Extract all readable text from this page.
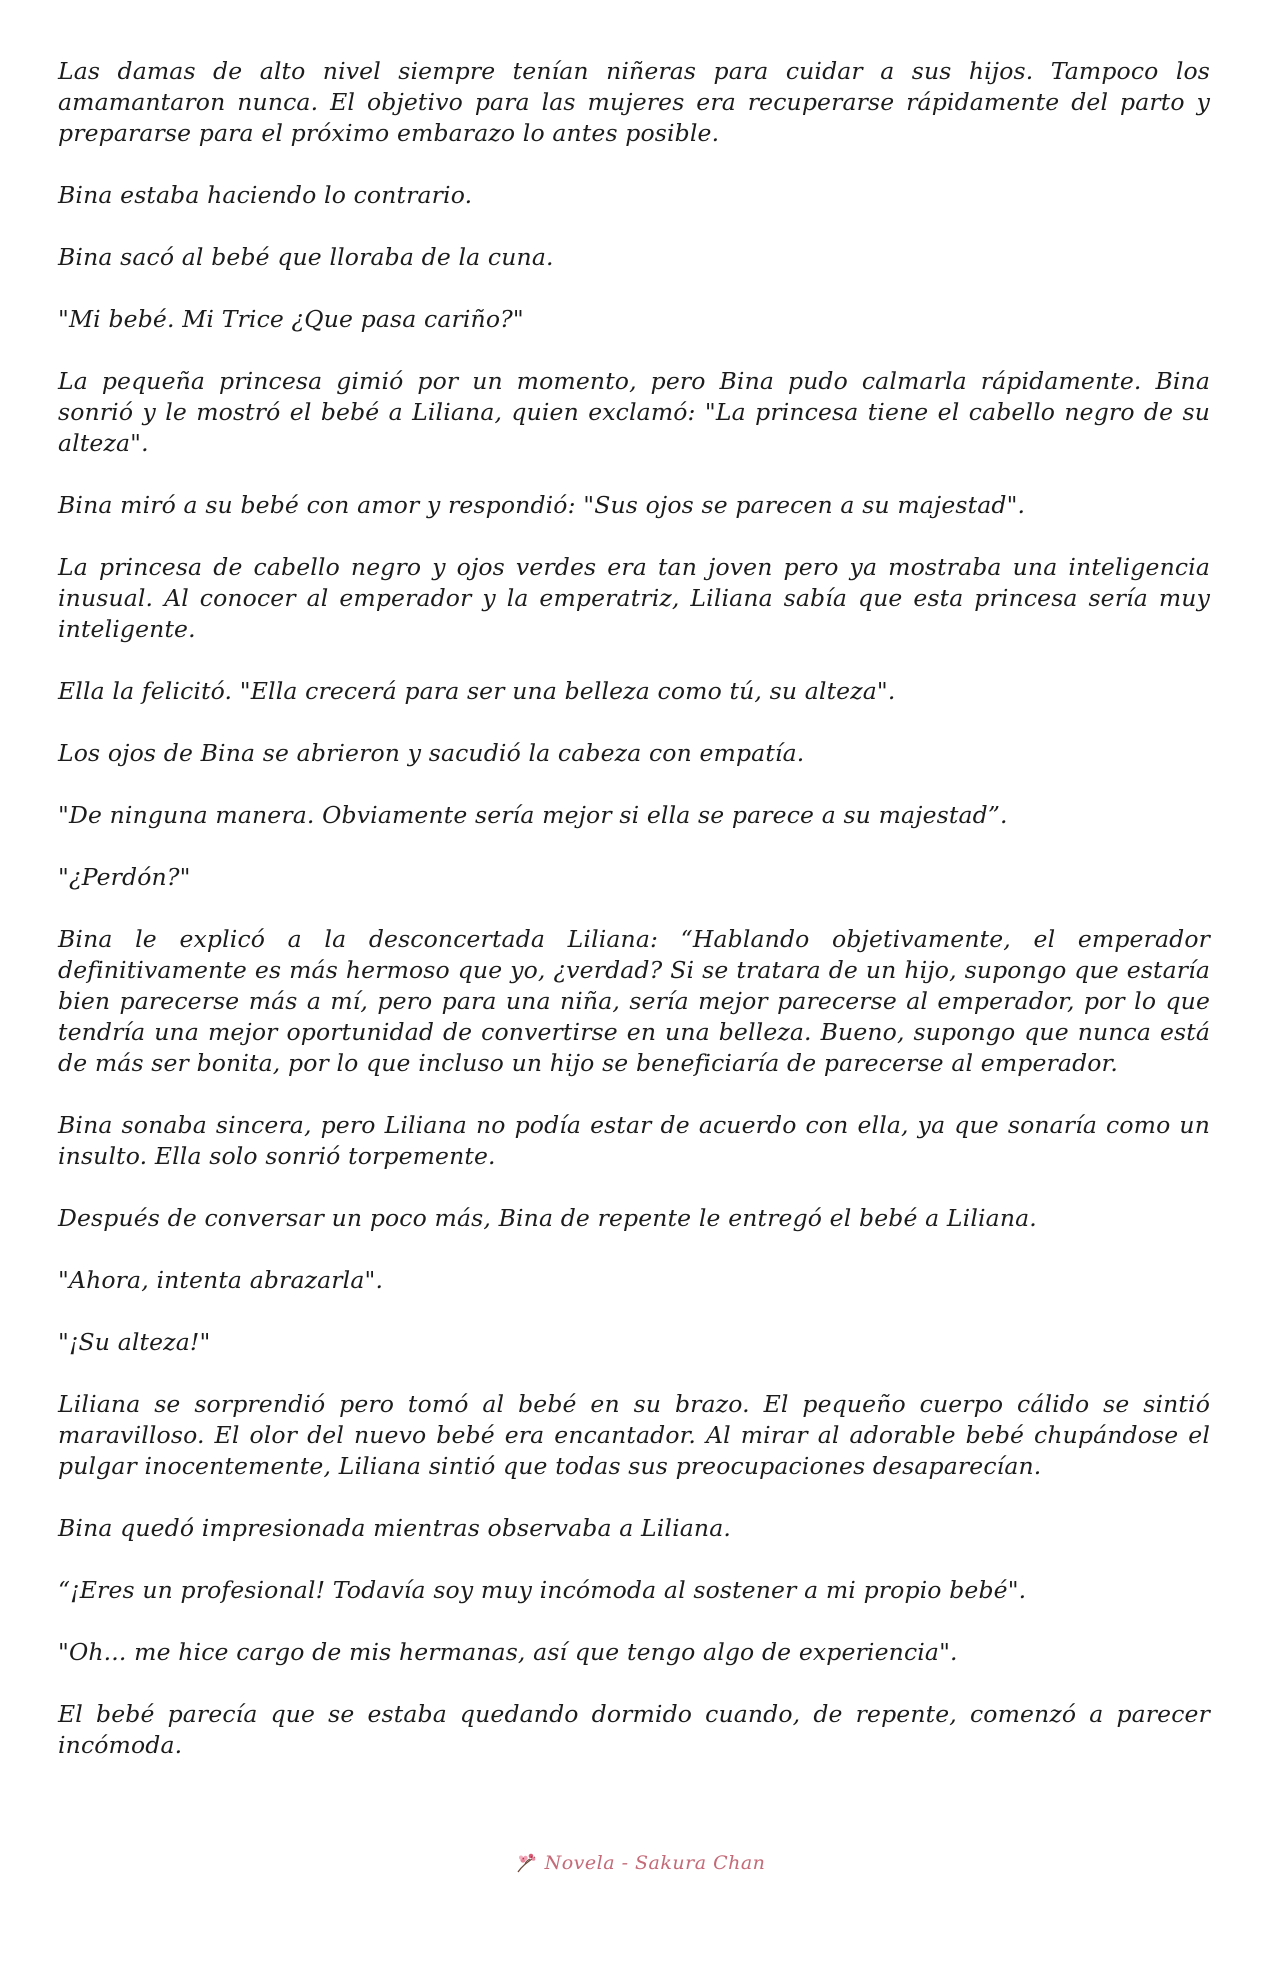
Las damas de alto nivel siempre tenían niñeras para cuidar a sus hijos. Tampoco los amamantaron nunca. El objetivo para las mujeres era recuperarse rápidamente del parto y prepararse para el próximo embarazo lo antes posible.

Bina estaba haciendo lo contrario.

Bina sacó al bebé que lloraba de la cuna.

"Mi bebé. Mi Trice ¿Que pasa cariño?"

La pequeña princesa gimió por un momento, pero Bina pudo calmarla rápidamente. Bina sonrió y le mostró el bebé a Liliana, quien exclamó: "La princesa tiene el cabello negro de su alteza".

Bina miró a su bebé con amor y respondió: "Sus ojos se parecen a su majestad".

La princesa de cabello negro y ojos verdes era tan joven pero ya mostraba una inteligencia inusual. Al conocer al emperador y la emperatriz, Liliana sabía que esta princesa sería muy inteligente.

Ella la felicitó. "Ella crecerá para ser una belleza como tú, su alteza".

Los ojos de Bina se abrieron y sacudió la cabeza con empatía.

"De ninguna manera. Obviamente sería mejor si ella se parece a su majestad”.

"¿Perdón?"

Bina le explicó a la desconcertada Liliana: “Hablando objetivamente, el emperador definitivamente es más hermoso que yo, ¿verdad? Si se tratara de un hijo, supongo que estaría bien parecerse más a mí, pero para una niña, sería mejor parecerse al emperador, por lo que tendría una mejor oportunidad de convertirse en una belleza. Bueno, supongo que nunca está de más ser bonita, por lo que incluso un hijo se beneficiaría de parecerse al emperador.

Bina sonaba sincera, pero Liliana no podía estar de acuerdo con ella, ya que sonaría como un insulto. Ella solo sonrió torpemente.

Después de conversar un poco más, Bina de repente le entregó el bebé a Liliana.

"Ahora, intenta abrazarla".

"¡Su alteza!"

Liliana se sorprendió pero tomó al bebé en su brazo. El pequeño cuerpo cálido se sintió maravilloso. El olor del nuevo bebé era encantador. Al mirar al adorable bebé chupándose el pulgar inocentemente, Liliana sintió que todas sus preocupaciones desaparecían.

Bina quedó impresionada mientras observaba a Liliana.

“¡Eres un profesional! Todavía soy muy incómoda al sostener a mi propio bebé".

"Oh... me hice cargo de mis hermanas, así que tengo algo de experiencia".

El bebé parecía que se estaba quedando dormido cuando, de repente, comenzó a parecer incómoda.

Novela - Sakura Chan
